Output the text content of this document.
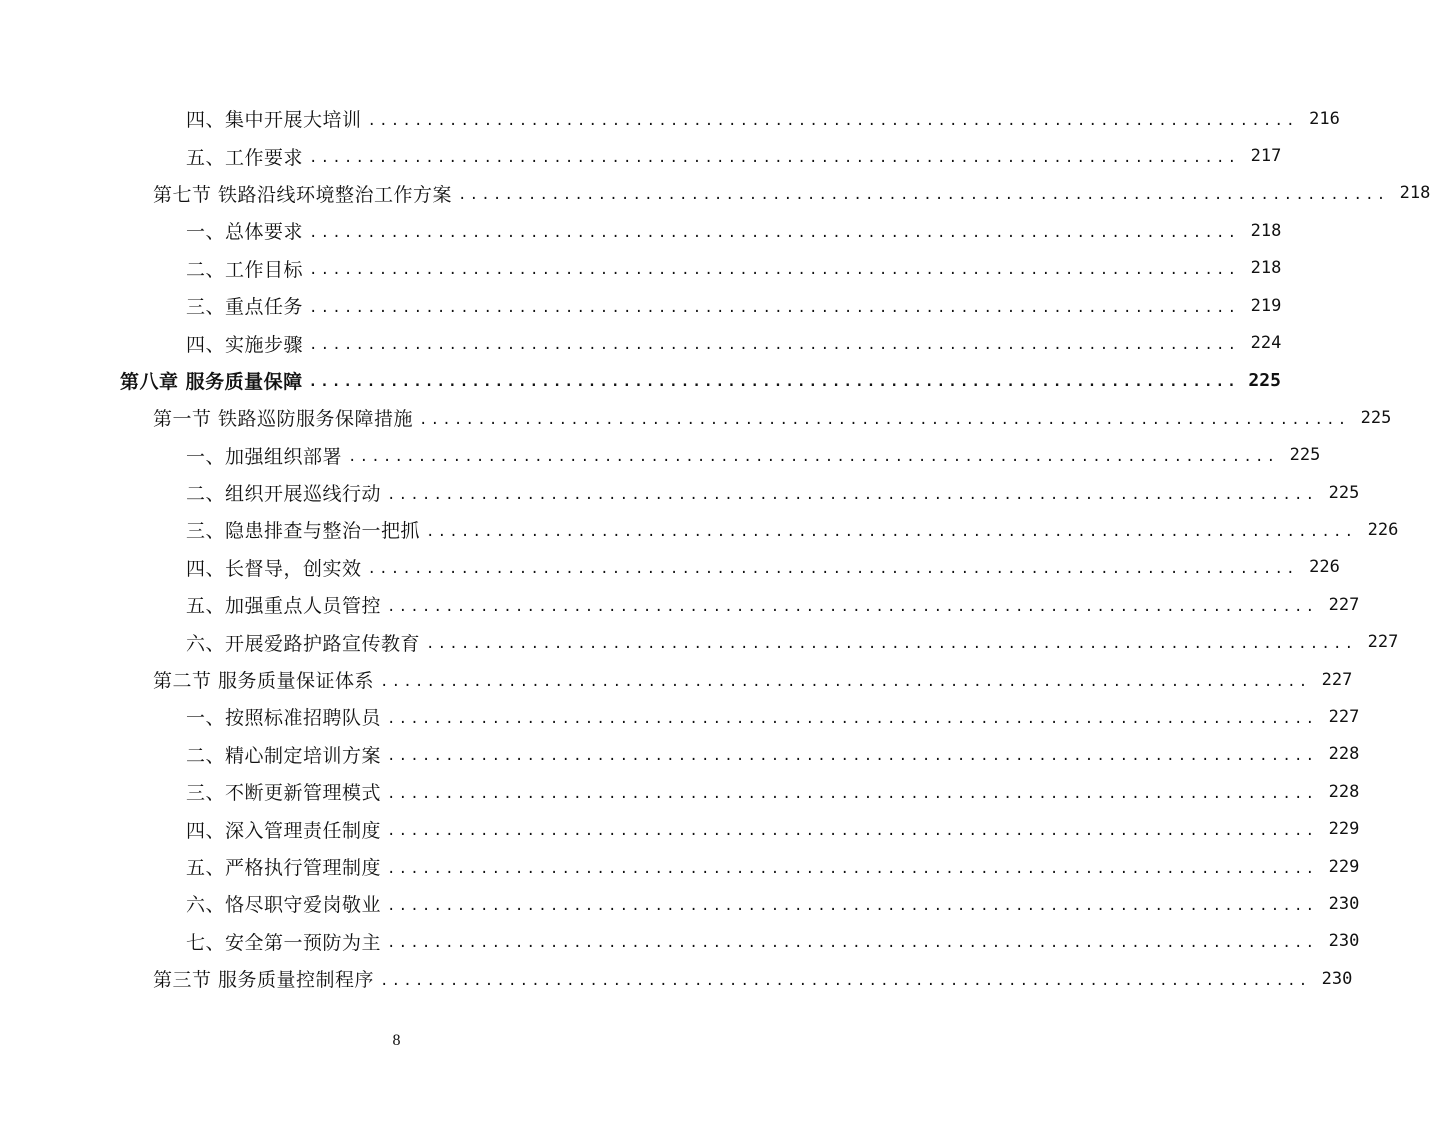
四、集中开展大培训 ................................................................................ 216
五、工作要求 ................................................................................ 217
第七节 铁路沿线环境整治工作方案 ................................................................................ 218
一、总体要求 ................................................................................ 218
二、工作目标 ................................................................................ 218
三、重点任务 ................................................................................ 219
四、实施步骤 ................................................................................ 224
第八章 服务质量保障 ................................................................................ 225
第一节 铁路巡防服务保障措施 ................................................................................ 225
一、加强组织部署 ................................................................................ 225
二、组织开展巡线行动 ................................................................................ 225
三、隐患排查与整治一把抓 ................................................................................ 226
四、长督导，创实效 ................................................................................ 226
五、加强重点人员管控 ................................................................................ 227
六、开展爱路护路宣传教育 ................................................................................ 227
第二节 服务质量保证体系 ................................................................................ 227
一、按照标准招聘队员 ................................................................................ 227
二、精心制定培训方案 ................................................................................ 228
三、不断更新管理模式 ................................................................................ 228
四、深入管理责任制度 ................................................................................ 229
五、严格执行管理制度 ................................................................................ 229
六、恪尽职守爱岗敬业 ................................................................................ 230
七、安全第一预防为主 ................................................................................ 230
第三节 服务质量控制程序 ................................................................................ 230
8
